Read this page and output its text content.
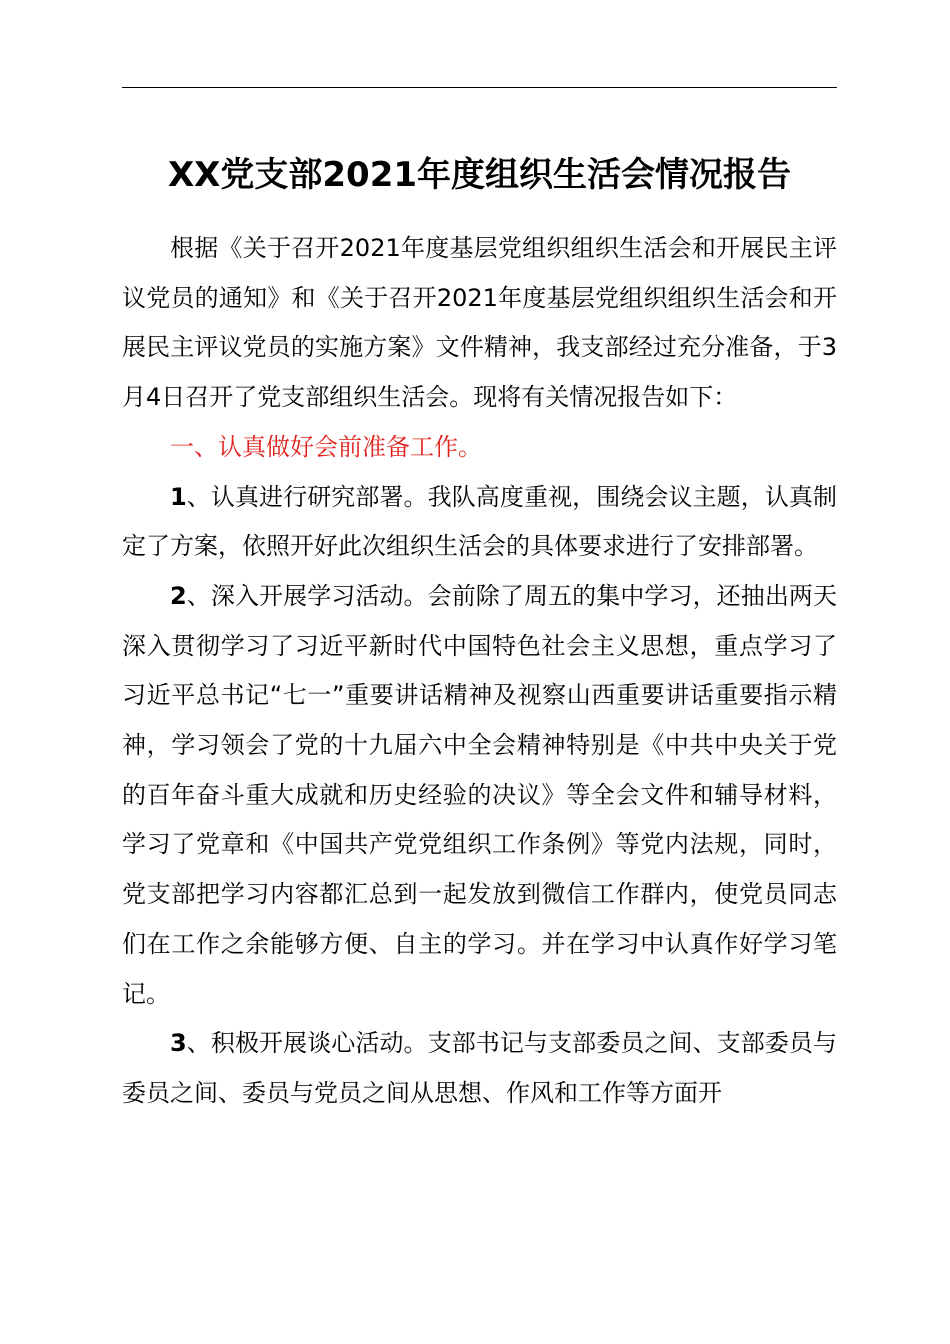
XX党支部2021年度组织生活会情况报告

根据《关于召开2021年度基层党组织组织生活会和开展民主评议党员的通知》和《关于召开2021年度基层党组织组织生活会和开展民主评议党员的实施方案》文件精神，我支部经过充分准备，于3月4日召开了党支部组织生活会。现将有关情况报告如下：

一、认真做好会前准备工作。

1、认真进行研究部署。我队高度重视，围绕会议主题，认真制定了方案，依照开好此次组织生活会的具体要求进行了安排部署。

2、深入开展学习活动。会前除了周五的集中学习，还抽出两天深入贯彻学习了习近平新时代中国特色社会主义思想，重点学习了习近平总书记“七一”重要讲话精神及视察山西重要讲话重要指示精神，学习领会了党的十九届六中全会精神特别是《中共中央关于党的百年奋斗重大成就和历史经验的决议》等全会文件和辅导材料，学习了党章和《中国共产党党组织工作条例》等党内法规，同时，党支部把学习内容都汇总到一起发放到微信工作群内，使党员同志们在工作之余能够方便、自主的学习。并在学习中认真作好学习笔记。

3、积极开展谈心活动。支部书记与支部委员之间、支部委员与委员之间、委员与党员之间从思想、作风和工作等方面开
